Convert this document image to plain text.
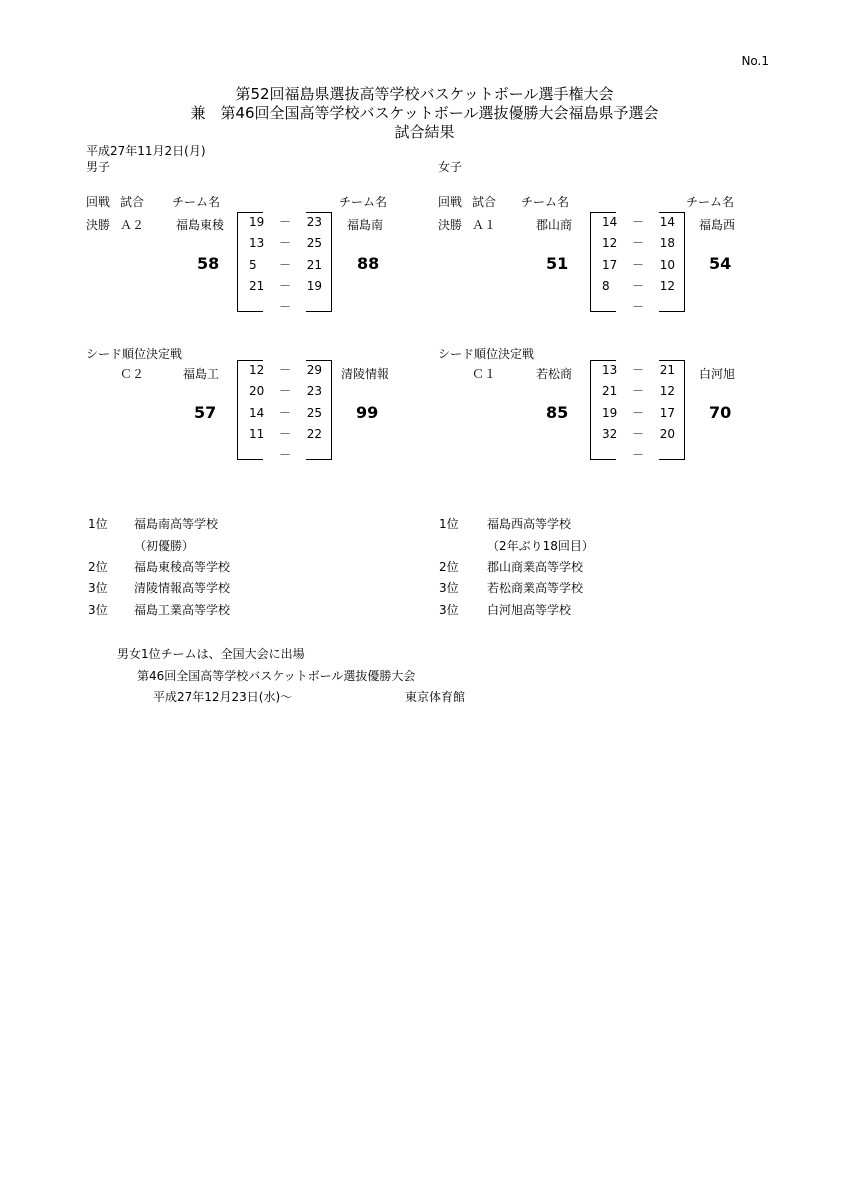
No.1
第52回福島県選抜高等学校バスケットボール選手権大会
兼　第46回全国高等学校バスケットボール選抜優勝大会福島県予選会
試合結果
平成27年11月2日(月)
男子
回戦 試合 チーム名	チーム名
決勝 Ａ２	福島東稜	福島南
58	88
19	－	23
13	－	25
5	－	21
21	－	19
－
シード順位決定戦
Ｃ２	福島工	清陵情報
57	99
12	－	29
20	－	23
14	－	25
11	－	22
－
女子
回戦 試合 チーム名	チーム名
決勝 Ａ１	郡山商	福島西
51	54
14	－	14
12	－	18
17	－	10
8	－	12
－
シード順位決定戦
Ｃ１	若松商	白河旭
85	70
13	－	21
21	－	12
19	－	17
32	－	20
－
1位 福島南高等学校
（初優勝）
2位 福島東稜高等学校
3位 清陵情報高等学校
3位 福島工業高等学校
1位 福島西高等学校
（2年ぶり18回目）
2位 郡山商業高等学校
3位 若松商業高等学校
3位 白河旭高等学校
男女1位チームは、全国大会に出場
第46回全国高等学校バスケットボール選抜優勝大会
平成27年12月23日(水)～	東京体育館
